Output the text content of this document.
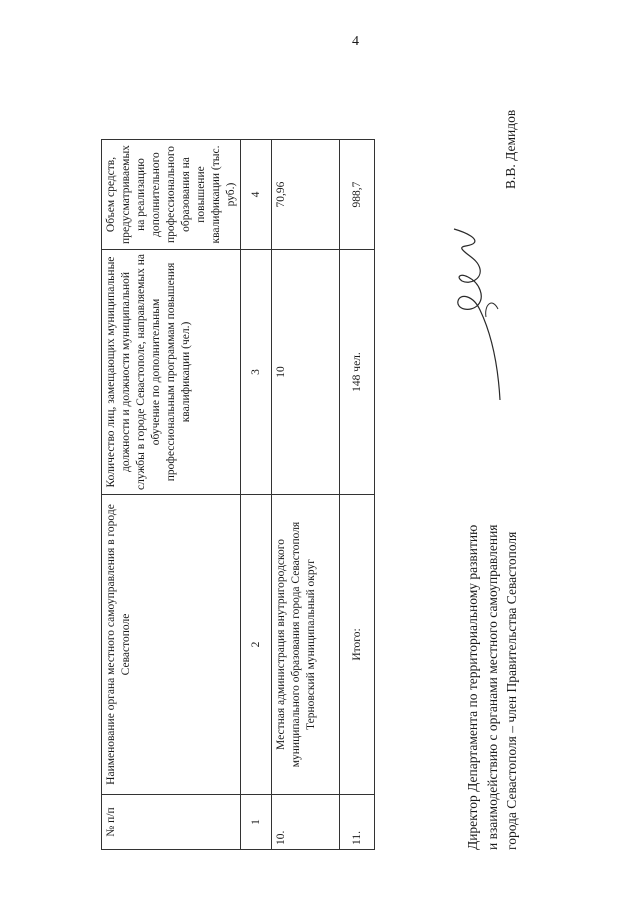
4
№ п/п	Наименование органа местного самоуправления в городе Севастополе	Количество лиц, замещающих муниципальные должности и должности муниципальной службы в городе Севастополе, направляемых на обучение по дополнительным профессиональным программам повышения квалификации (чел.)	Объем средств, предусматриваемых на реализацию дополнительного профессионального образования на повышение квалификации (тыс. руб.)
1	2	3	4
10.	Местная администрация внутригородского муниципального образования города Севастополя Терновский муниципальный округ	10	70,96
11.	Итого:	148 чел.	988,7
Директор Департамента по территориальному развитию и взаимодействию с органами местного самоуправления города Севастополя – член Правительства Севастополя
В.В. Демидов
